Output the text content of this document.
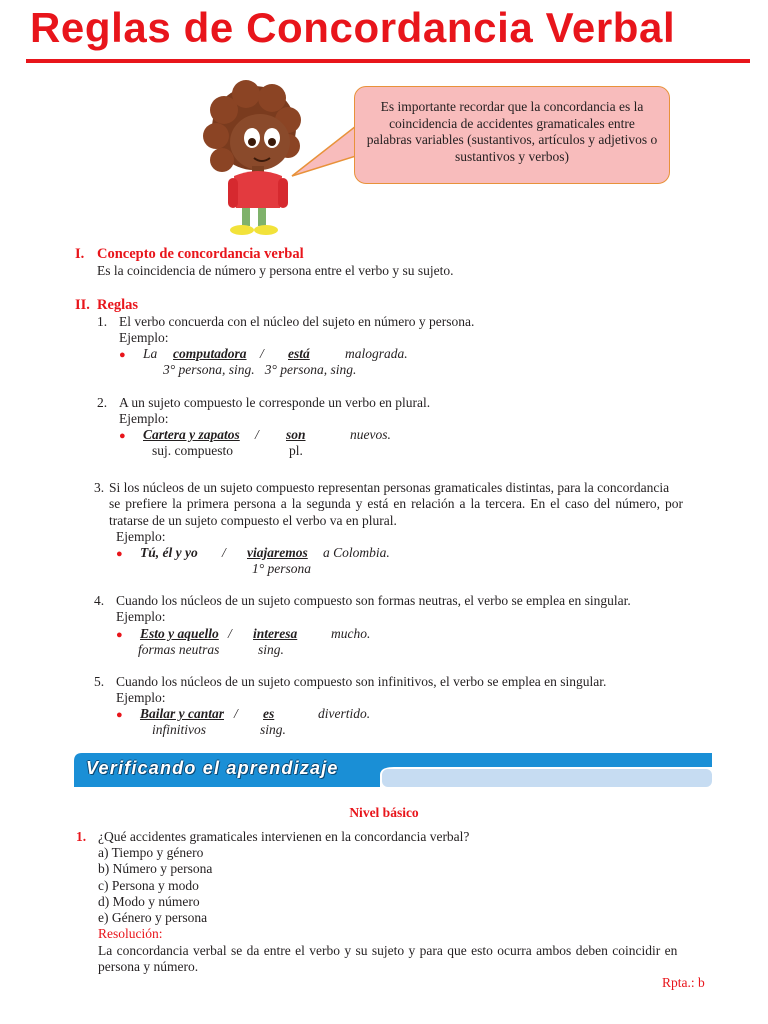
Reglas de Concordancia Verbal
Es importante recordar que la concordancia es la coincidencia de accidentes gramaticales entre palabras variables (sustantivos, artículos y adjetivos o sustantivos y verbos)
I. Concepto de concordancia verbal
Es la coincidencia de número y persona entre el verbo y su sujeto.
II. Reglas
1. El verbo concuerda con el núcleo del sujeto en número y persona.
Ejemplo:
● La computadora / está	malograda.
3° persona, sing.   3° persona, sing.
2. A un sujeto compuesto le corresponde un verbo en plural.
Ejemplo:
● Cartera y zapatos / son	nuevos.
suj. compuesto	pl.
3. Si los núcleos de un sujeto compuesto representan personas gramaticales distintas, para la concordancia
se prefiere la primera persona a la segunda y está en relación a la tercera. En el caso del número, por
tratarse de un sujeto compuesto el verbo va en plural.
Ejemplo:
● Tú, él y yo / viajaremos a Colombia.
1° persona
4. Cuando los núcleos de un sujeto compuesto son formas neutras, el verbo se emplea en singular.
Ejemplo:
● Esto y aquello / interesa mucho.
formas neutras	sing.
5. Cuando los núcleos de un sujeto compuesto son infinitivos, el verbo se emplea en singular.
Ejemplo:
● Bailar y cantar / es	divertido.
infinitivos	sing.
Verificando el aprendizaje
Nivel básico
1. ¿Qué accidentes gramaticales intervienen en la concordancia verbal?
a) Tiempo y género
b) Número y persona
c) Persona y modo
d) Modo y número
e) Género y persona
Resolución:
La concordancia verbal se da entre el verbo y su sujeto y para que esto ocurra ambos deben coincidir en
persona y número.
Rpta.: b
